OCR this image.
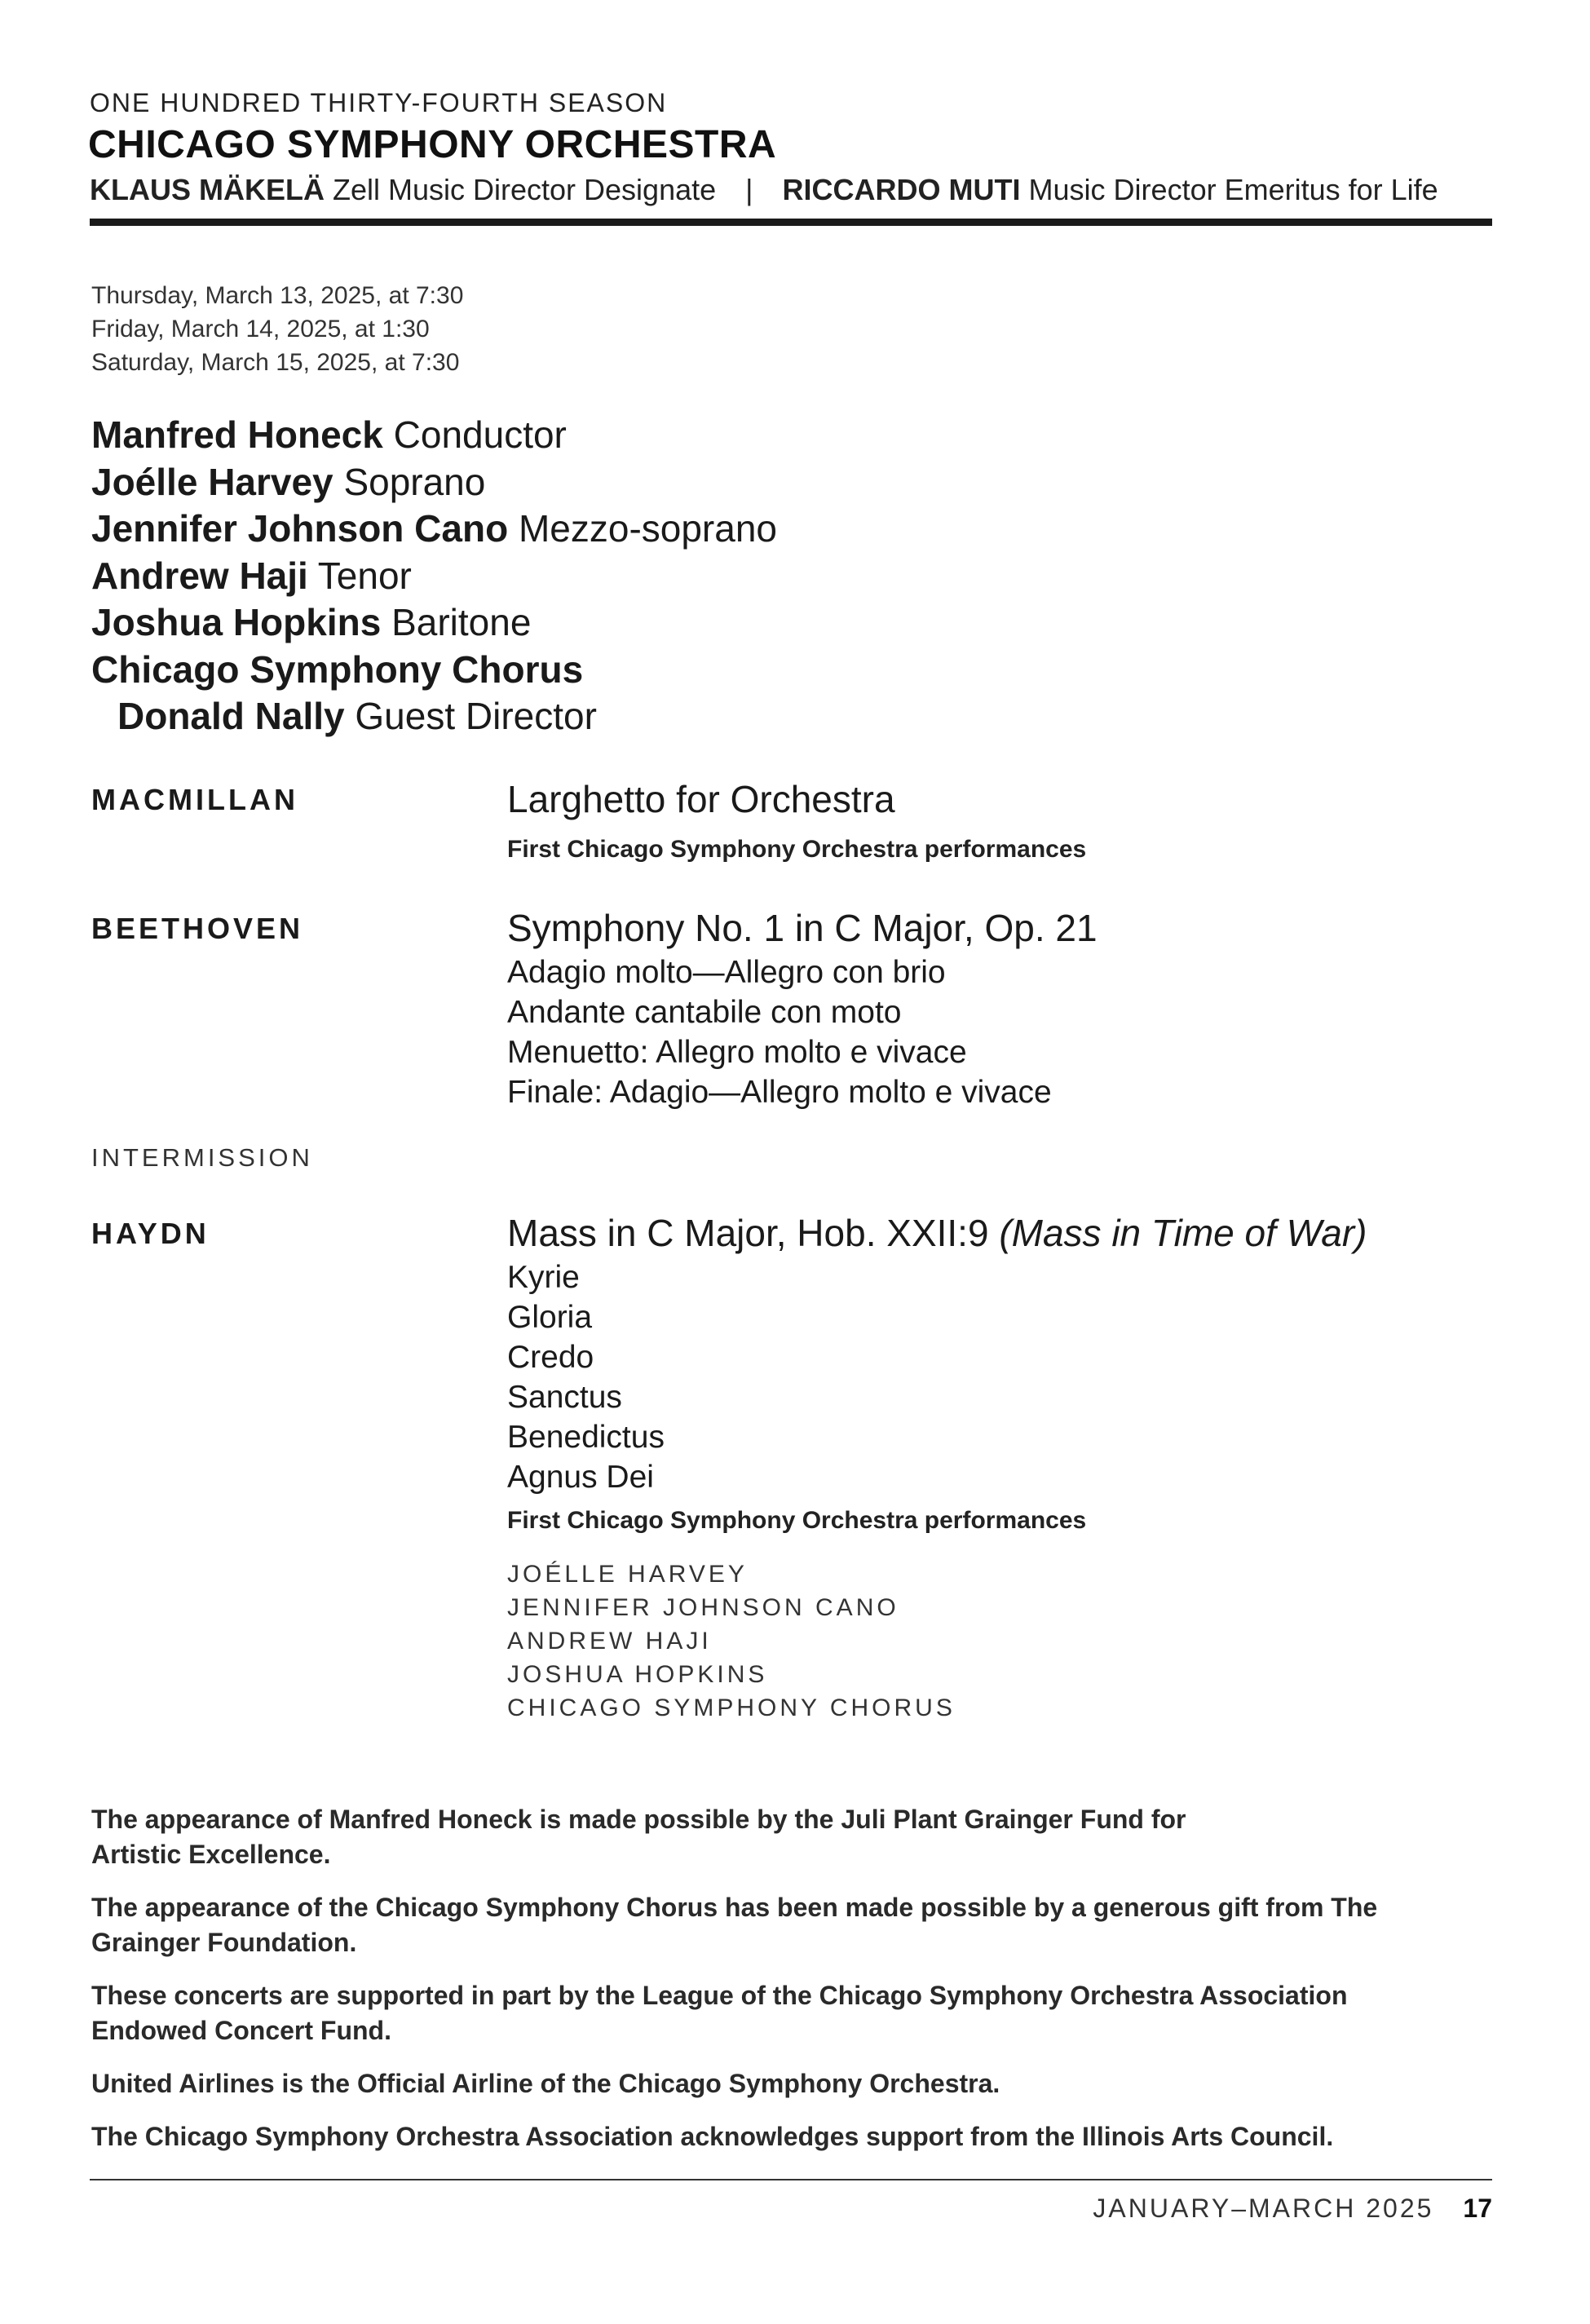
ONE HUNDRED THIRTY-FOURTH SEASON
CHICAGO SYMPHONY ORCHESTRA
KLAUS MÄKELÄ Zell Music Director Designate | RICCARDO MUTI Music Director Emeritus for Life
Thursday, March 13, 2025, at 7:30
Friday, March 14, 2025, at 1:30
Saturday, March 15, 2025, at 7:30
Manfred Honeck Conductor
Joélle Harvey Soprano
Jennifer Johnson Cano Mezzo-soprano
Andrew Haji Tenor
Joshua Hopkins Baritone
Chicago Symphony Chorus
Donald Nally Guest Director
MACMILLAN	Larghetto for Orchestra
First Chicago Symphony Orchestra performances
BEETHOVEN	Symphony No. 1 in C Major, Op. 21
Adagio molto—Allegro con brio
Andante cantabile con moto
Menuetto: Allegro molto e vivace
Finale: Adagio—Allegro molto e vivace
INTERMISSION
HAYDN	Mass in C Major, Hob. XXII:9 (Mass in Time of War)
Kyrie
Gloria
Credo
Sanctus
Benedictus
Agnus Dei
First Chicago Symphony Orchestra performances
JOÉLLE HARVEY
JENNIFER JOHNSON CANO
ANDREW HAJI
JOSHUA HOPKINS
CHICAGO SYMPHONY CHORUS

The appearance of Manfred Honeck is made possible by the Juli Plant Grainger Fund for Artistic Excellence.

The appearance of the Chicago Symphony Chorus has been made possible by a generous gift from The Grainger Foundation.

These concerts are supported in part by the League of the Chicago Symphony Orchestra Association Endowed Concert Fund.

United Airlines is the Official Airline of the Chicago Symphony Orchestra.

The Chicago Symphony Orchestra Association acknowledges support from the Illinois Arts Council.

JANUARY–MARCH 2025 17
